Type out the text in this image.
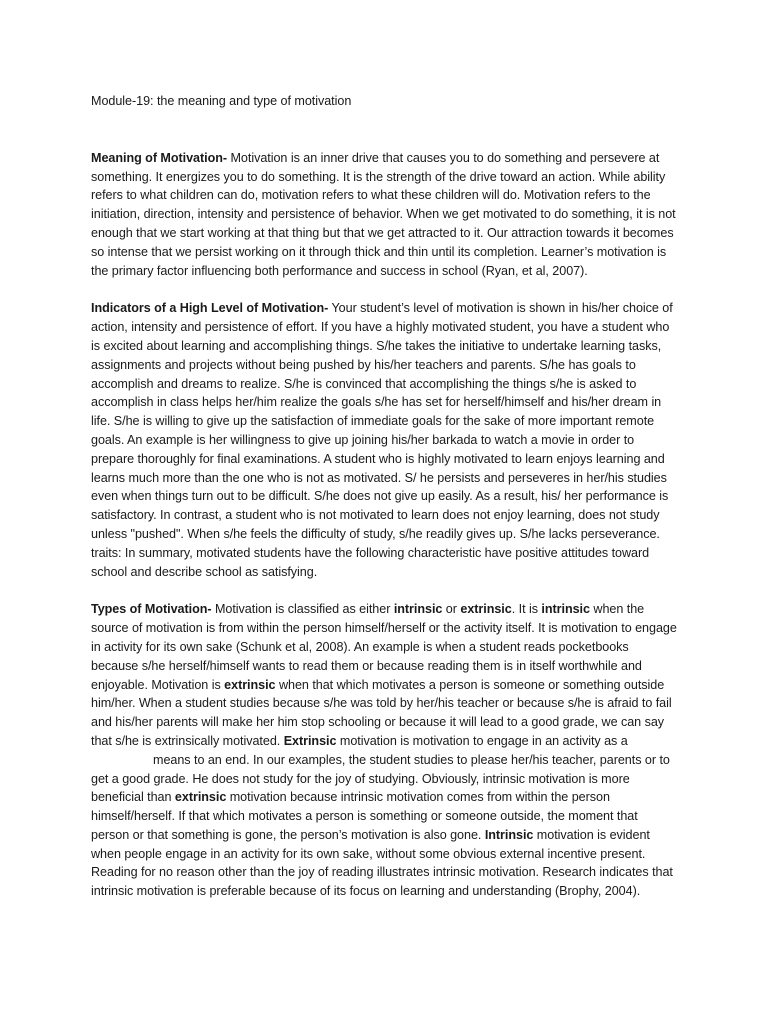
Module-19: the meaning and type of motivation

Meaning of Motivation- Motivation is an inner drive that causes you to do something and persevere at something. It energizes you to do something. It is the strength of the drive toward an action. While ability refers to what children can do, motivation refers to what these children will do. Motivation refers to the initiation, direction, intensity and persistence of behavior. When we get motivated to do something, it is not enough that we start working at that thing but that we get attracted to it. Our attraction towards it becomes so intense that we persist working on it through thick and thin until its completion. Learner’s motivation is the primary factor influencing both performance and success in school (Ryan, et al, 2007).

Indicators of a High Level of Motivation- Your student’s level of motivation is shown in his/her choice of action, intensity and persistence of effort. If you have a highly motivated student, you have a student who is excited about learning and accomplishing things. S/he takes the initiative to undertake learning tasks, assignments and projects without being pushed by his/her teachers and parents. S/he has goals to accomplish and dreams to realize. S/he is convinced that accomplishing the things s/he is asked to accomplish in class helps her/him realize the goals s/he has set for herself/himself and his/her dream in life. S/he is willing to give up the satisfaction of immediate goals for the sake of more important remote goals. An example is her willingness to give up joining his/her barkada to watch a movie in order to prepare thoroughly for final examinations. A student who is highly motivated to learn enjoys learning and learns much more than the one who is not as motivated. S/ he persists and perseveres in her/his studies even when things turn out to be difficult. S/he does not give up easily. As a result, his/ her performance is satisfactory. In contrast, a student who is not motivated to learn does not enjoy learning, does not study unless "pushed". When s/he feels the difficulty of study, s/he readily gives up. S/he lacks perseverance. traits: In summary, motivated students have the following characteristic have positive attitudes toward school and describe school as satisfying.

Types of Motivation- Motivation is classified as either intrinsic or extrinsic. It is intrinsic when the source of motivation is from within the person himself/herself or the activity itself. It is motivation to engage in activity for its own sake (Schunk et al, 2008). An example is when a student reads pocketbooks because s/he herself/himself wants to read them or because reading them is in itself worthwhile and enjoyable. Motivation is extrinsic when that which motivates a person is someone or something outside him/her. When a student studies because s/he was told by her/his teacher or because s/he is afraid to fail and his/her parents will make her him stop schooling or because it will lead to a good grade, we can say that s/he is extrinsically motivated. Extrinsic motivation is motivation to engage in an activity as a
means to an end. In our examples, the student studies to please her/his teacher, parents or to get a good grade. He does not study for the joy of studying. Obviously, intrinsic motivation is more beneficial than extrinsic motivation because intrinsic motivation comes from within the person himself/herself. If that which motivates a person is something or someone outside, the moment that person or that something is gone, the person’s motivation is also gone. Intrinsic motivation is evident when people engage in an activity for its own sake, without some obvious external incentive present. Reading for no reason other than the joy of reading illustrates intrinsic motivation. Research indicates that intrinsic motivation is preferable because of its focus on learning and understanding (Brophy, 2004).
